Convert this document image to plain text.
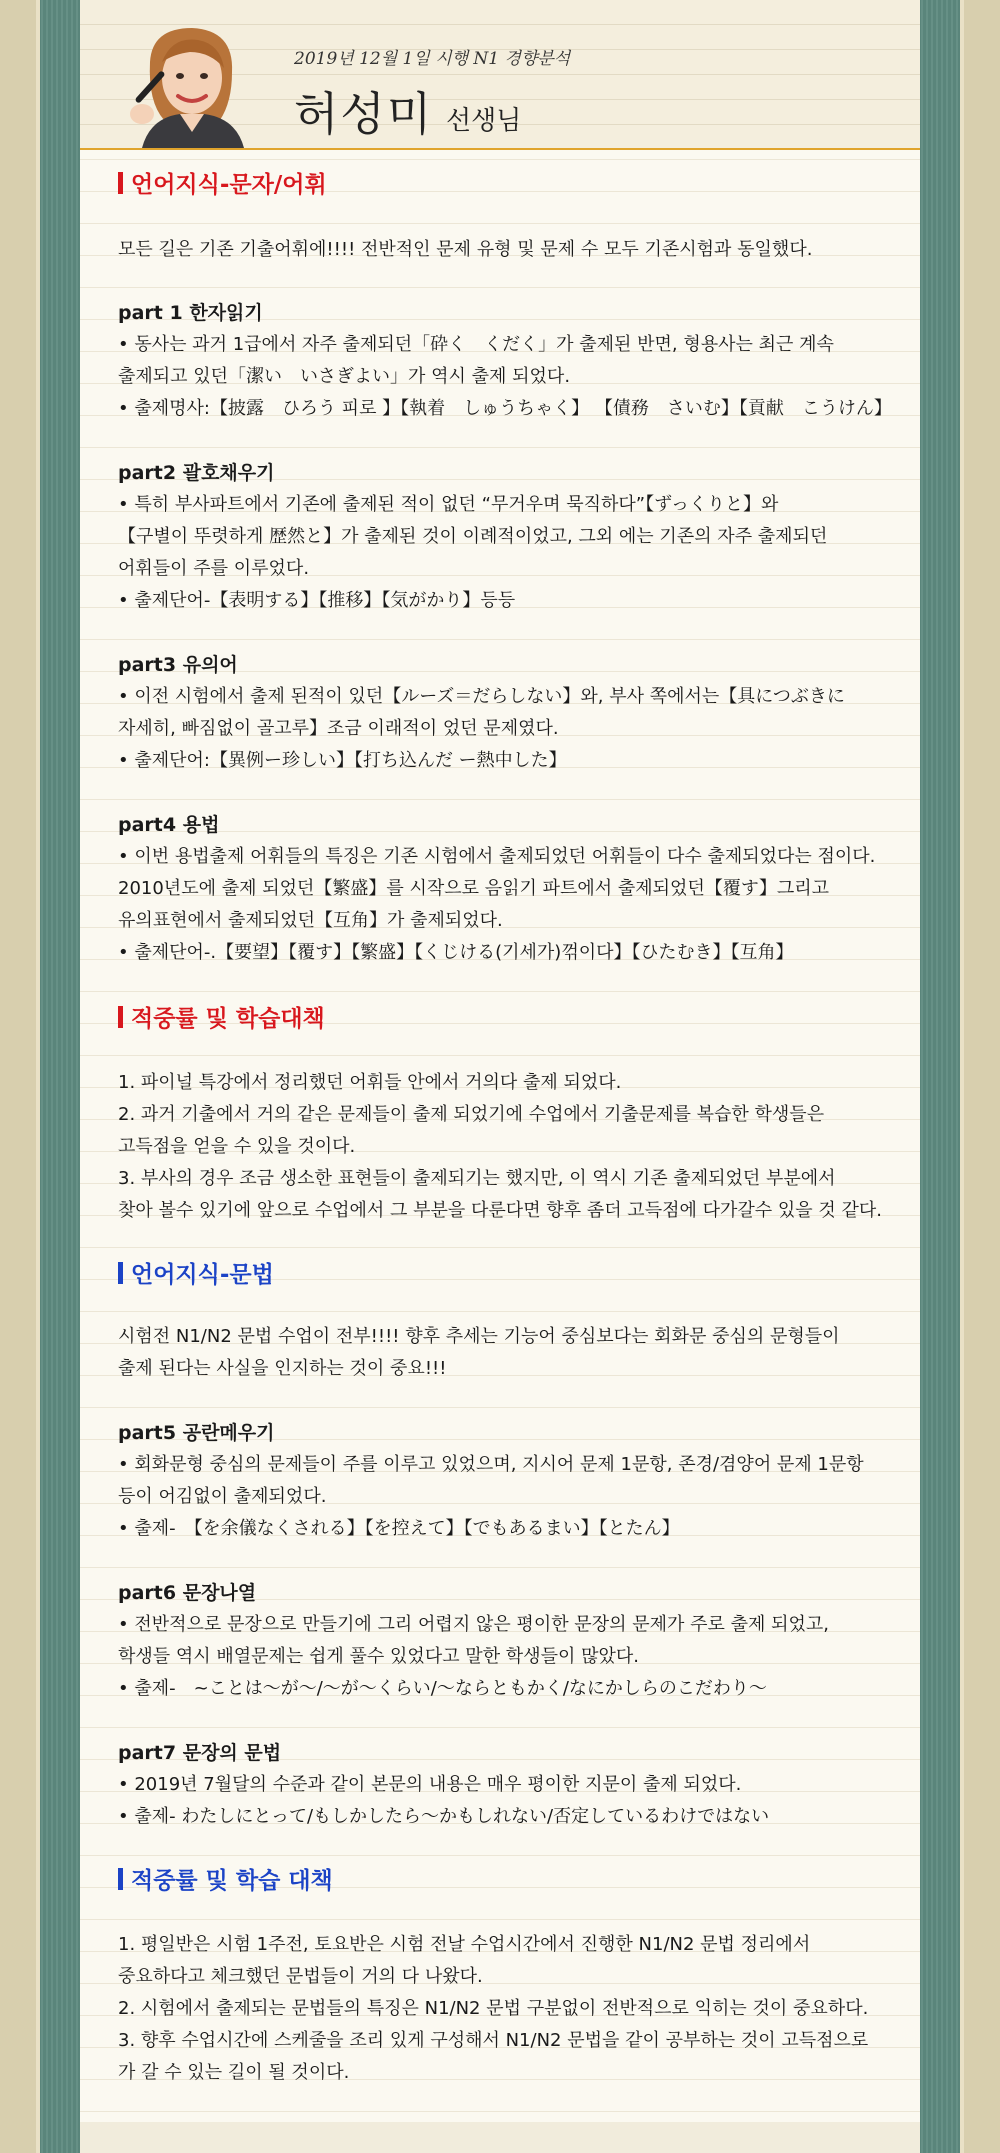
2019년 12월 1일 시행 N1 경향분석
허성미 선생님
언어지식-문자/어휘
모든 길은 기존 기출어휘에!!!! 전반적인 문제 유형 및 문제 수 모두 기존시험과 동일했다.
part 1 한자읽기
• 동사는 과거 1급에서 자주 출제되던「砕く　くだく」가 출제된 반면, 형용사는 최근 계속
출제되고 있던「潔い　いさぎよい」가 역시 출제 되었다.
• 출제명사:【披露　ひろう 피로 】【執着　しゅうちゃく】 【債務　さいむ】【貢献　こうけん】
part2 괄호채우기
• 특히 부사파트에서 기존에 출제된 적이 없던 “무거우며 묵직하다”【ずっくりと】와
【구별이 뚜렷하게 歴然と】가 출제된 것이 이례적이었고, 그외 에는 기존의 자주 출제되던
어휘들이 주를 이루었다.
• 출제단어-【表明する】【推移】【気がかり】등등
part3 유의어
• 이전 시험에서 출제 된적이 있던【ルーズ＝だらしない】와, 부사 쪽에서는【具につぶきに
자세히, 빠짐없이 골고루】조금 이래적이 었던 문제였다.
• 출제단어:【異例ー珍しい】【打ち込んだ ー熱中した】
part4 용법
• 이번 용법출제 어휘들의 특징은 기존 시험에서 출제되었던 어휘들이 다수 출제되었다는 점이다.
2010년도에 출제 되었던【繁盛】를 시작으로 음읽기 파트에서 출제되었던【覆す】그리고
유의표현에서 출제되었던【互角】가 출제되었다.
• 출제단어-.【要望】【覆す】【繁盛】【くじける(기세가)꺾이다】【ひたむき】【互角】
적중률 및 학습대책
1. 파이널 특강에서 정리했던 어휘들 안에서 거의다 출제 되었다.
2. 과거 기출에서 거의 같은 문제들이 출제 되었기에 수업에서 기출문제를 복습한 학생들은
고득점을 얻을 수 있을 것이다.
3. 부사의 경우 조금 생소한 표현들이 출제되기는 했지만, 이 역시 기존 출제되었던 부분에서
찾아 볼수 있기에 앞으로 수업에서 그 부분을 다룬다면 향후 좀더 고득점에 다가갈수 있을 것 같다.
언어지식-문법
시험전 N1/N2 문법 수업이 전부!!!! 향후 추세는 기능어 중심보다는 회화문 중심의 문형들이
출제 된다는 사실을 인지하는 것이 중요!!!
part5 공란메우기
• 회화문형 중심의 문제들이 주를 이루고 있었으며, 지시어 문제 1문항, 존경/겸양어 문제 1문항
등이 어김없이 출제되었다.
• 출제-　【を余儀なくされる】【を控えて】【でもあるまい】【とたん】
part6 문장나열
• 전반적으로 문장으로 만들기에 그리 어렵지 않은 평이한 문장의 문제가 주로 출제 되었고,
학생들 역시 배열문제는 쉽게 풀수 있었다고 말한 학생들이 많았다.
• 출제-　~ことは〜が〜/〜が〜くらい/〜ならともかく/なにかしらのこだわり〜
part7 문장의 문법
• 2019년 7월달의 수준과 같이 본문의 내용은 매우 평이한 지문이 출제 되었다.
• 출제- わたしにとって/もしかしたら〜かもしれない/否定しているわけではない
적중률 및 학습 대책
1. 평일반은 시험 1주전, 토요반은 시험 전날 수업시간에서 진행한 N1/N2 문법 정리에서
중요하다고 체크했던 문법들이 거의 다 나왔다.
2. 시험에서 출제되는 문법들의 특징은 N1/N2 문법 구분없이 전반적으로 익히는 것이 중요하다.
3. 향후 수업시간에 스케줄을 조리 있게 구성해서 N1/N2 문법을 같이 공부하는 것이 고득점으로
가 갈 수 있는 길이 될 것이다.
